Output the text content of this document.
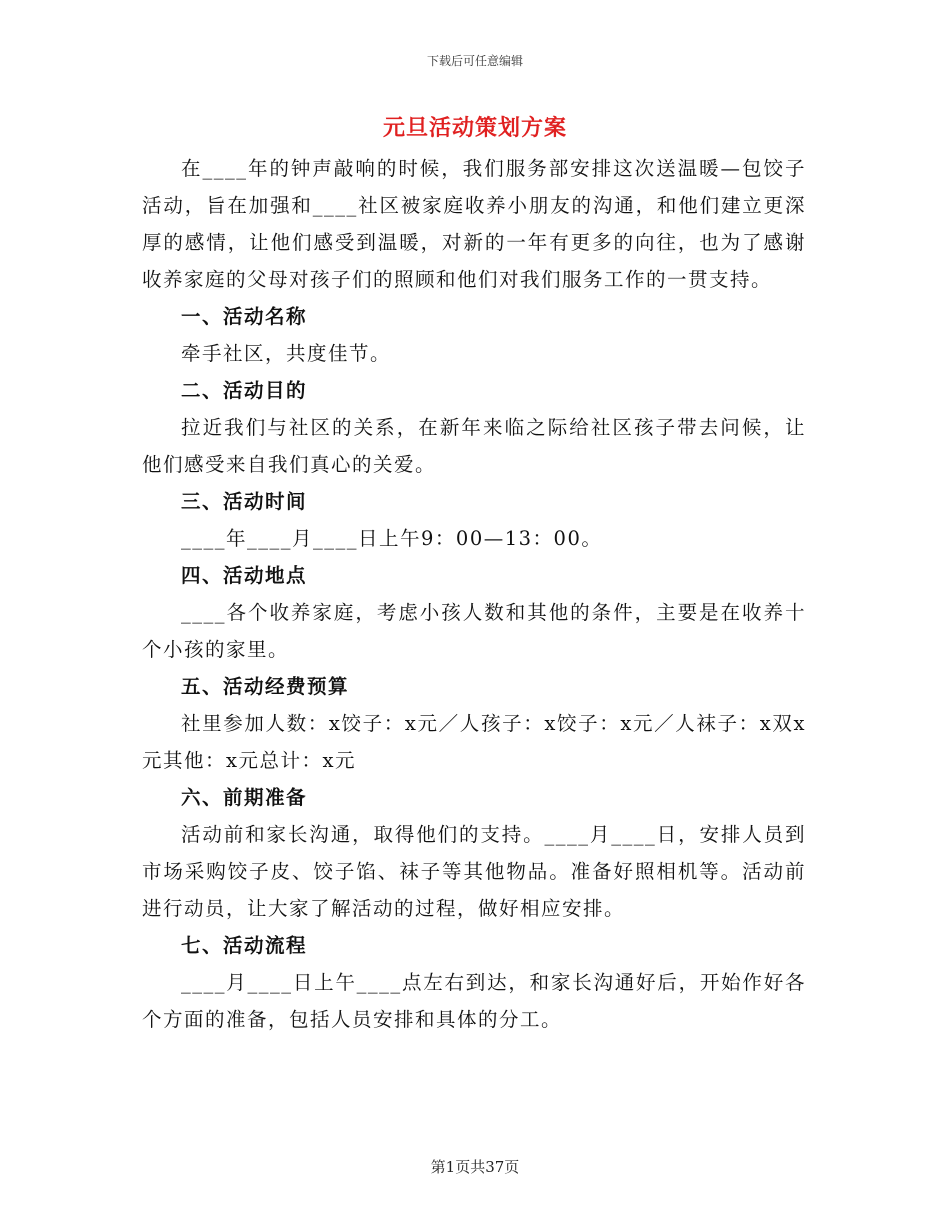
下载后可任意编辑
元旦活动策划方案

在____年的钟声敲响的时候，我们服务部安排这次送温暖—包饺子活动，旨在加强和____社区被家庭收养小朋友的沟通，和他们建立更深厚的感情，让他们感受到温暖，对新的一年有更多的向往，也为了感谢收养家庭的父母对孩子们的照顾和他们对我们服务工作的一贯支持。

一、活动名称

牵手社区，共度佳节。

二、活动目的

拉近我们与社区的关系，在新年来临之际给社区孩子带去问候，让他们感受来自我们真心的关爱。

三、活动时间

____年____月____日上午9：00—13：00。

四、活动地点

____各个收养家庭，考虑小孩人数和其他的条件，主要是在收养十个小孩的家里。

五、活动经费预算

社里参加人数：x饺子：x元／人孩子：x饺子：x元／人袜子：x双x元其他：x元总计：x元

六、前期准备

活动前和家长沟通，取得他们的支持。____月____日，安排人员到市场采购饺子皮、饺子馅、袜子等其他物品。准备好照相机等。活动前进行动员，让大家了解活动的过程，做好相应安排。

七、活动流程

____月____日上午____点左右到达，和家长沟通好后，开始作好各个方面的准备，包括人员安排和具体的分工。

第1页共37页
